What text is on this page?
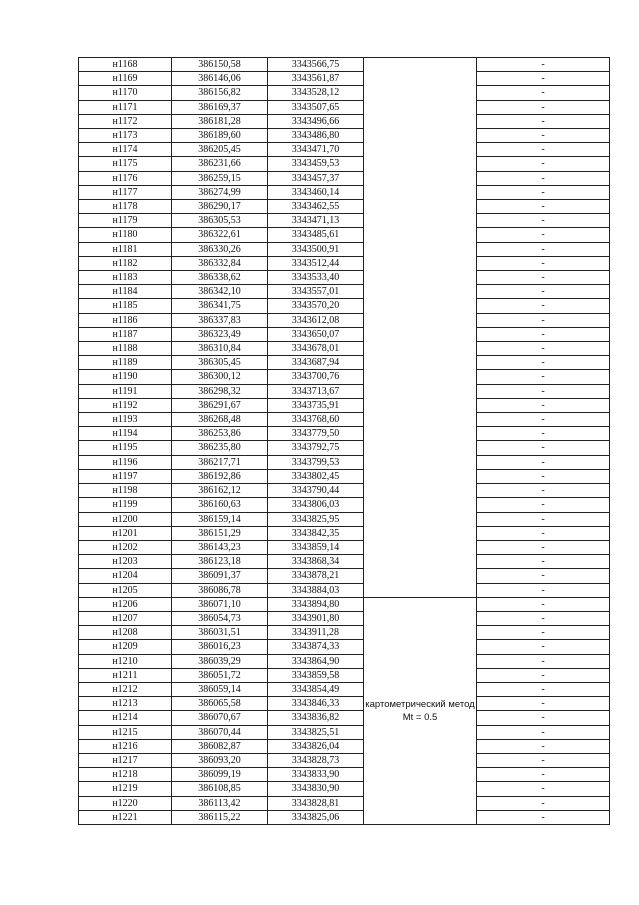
н1168	386150,58	3343566,75		-
н1169	386146,06	3343561,87		-
н1170	386156,82	3343528,12		-
н1171	386169,37	3343507,65		-
н1172	386181,28	3343496,66		-
н1173	386189,60	3343486,80		-
н1174	386205,45	3343471,70		-
н1175	386231,66	3343459,53		-
н1176	386259,15	3343457,37		-
н1177	386274,99	3343460,14		-
н1178	386290,17	3343462,55		-
н1179	386305,53	3343471,13		-
н1180	386322,61	3343485,61		-
н1181	386330,26	3343500,91		-
н1182	386332,84	3343512,44		-
н1183	386338,62	3343533,40		-
н1184	386342,10	3343557,01		-
н1185	386341,75	3343570,20		-
н1186	386337,83	3343612,08		-
н1187	386323,49	3343650,07		-
н1188	386310,84	3343678,01		-
н1189	386305,45	3343687,94		-
н1190	386300,12	3343700,76		-
н1191	386298,32	3343713,67		-
н1192	386291,67	3343735,91		-
н1193	386268,48	3343768,60		-
н1194	386253,86	3343779,50		-
н1195	386235,80	3343792,75		-
н1196	386217,71	3343799,53		-
н1197	386192,86	3343802,45		-
н1198	386162,12	3343790,44		-
н1199	386160,63	3343806,03		-
н1200	386159,14	3343825,95		-
н1201	386151,29	3343842,35		-
н1202	386143,23	3343859,14		-
н1203	386123,18	3343868,34		-
н1204	386091,37	3343878,21		-
н1205	386086,78	3343884,03		-
н1206	386071,10	3343894,80	картометрический метод Mt = 0.5	-
н1207	386054,73	3343901,80		-
н1208	386031,51	3343911,28		-
н1209	386016,23	3343874,33		-
н1210	386039,29	3343864,90		-
н1211	386051,72	3343859,58		-
н1212	386059,14	3343854,49		-
н1213	386065,58	3343846,33		-
н1214	386070,67	3343836,82		-
н1215	386070,44	3343825,51		-
н1216	386082,87	3343826,04		-
н1217	386093,20	3343828,73		-
н1218	386099,19	3343833,90		-
н1219	386108,85	3343830,90		-
н1220	386113,42	3343828,81		-
н1221	386115,22	3343825,06		-
